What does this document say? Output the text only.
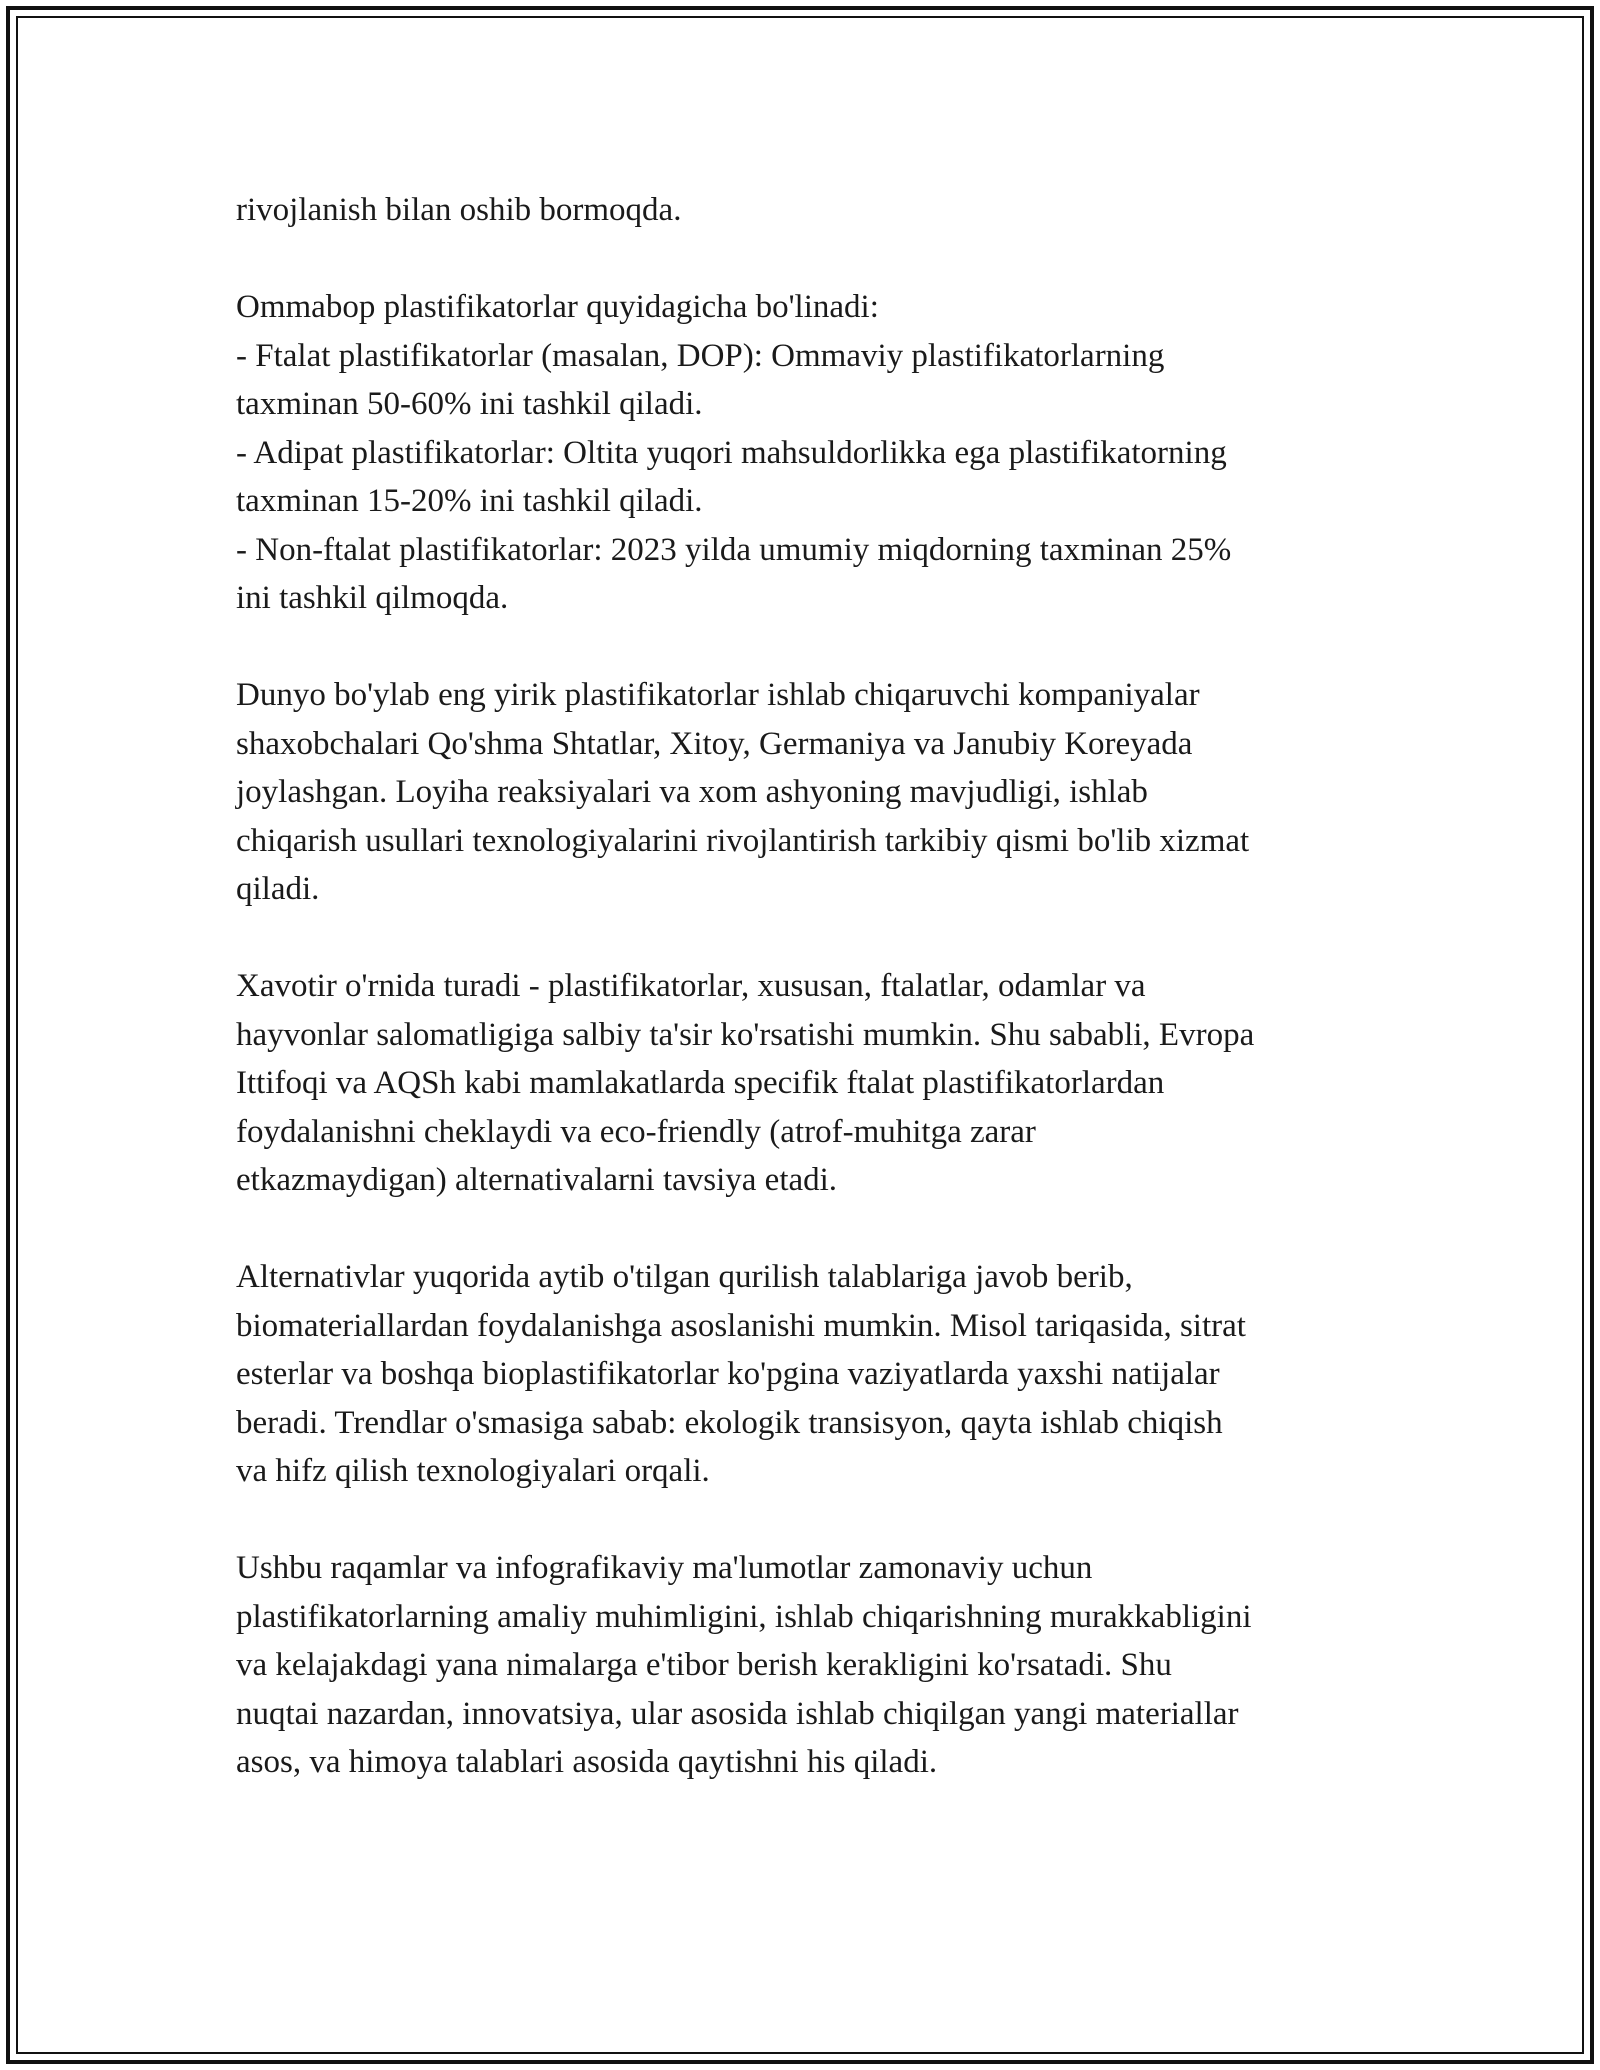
rivojlanish bilan oshib bormoqda.

Ommabop plastifikatorlar quyidagicha bo'linadi:
- Ftalat plastifikatorlar (masalan, DOP): Ommaviy plastifikatorlarning
taxminan 50-60% ini tashkil qiladi.
- Adipat plastifikatorlar: Oltita yuqori mahsuldorlikka ega plastifikatorning
taxminan 15-20% ini tashkil qiladi.
- Non-ftalat plastifikatorlar: 2023 yilda umumiy miqdorning taxminan 25%
ini tashkil qilmoqda.

Dunyo bo'ylab eng yirik plastifikatorlar ishlab chiqaruvchi kompaniyalar
shaxobchalari Qo'shma Shtatlar, Xitoy, Germaniya va Janubiy Koreyada
joylashgan. Loyiha reaksiyalari va xom ashyoning mavjudligi, ishlab
chiqarish usullari texnologiyalarini rivojlantirish tarkibiy qismi bo'lib xizmat
qiladi.

Xavotir o'rnida turadi - plastifikatorlar, xususan, ftalatlar, odamlar va
hayvonlar salomatligiga salbiy ta'sir ko'rsatishi mumkin. Shu sababli, Evropa
Ittifoqi va AQSh kabi mamlakatlarda specifik ftalat plastifikatorlardan
foydalanishni cheklaydi va eco-friendly (atrof-muhitga zarar
etkazmaydigan) alternativalarni tavsiya etadi.

Alternativlar yuqorida aytib o'tilgan qurilish talablariga javob berib,
biomateriallardan foydalanishga asoslanishi mumkin. Misol tariqasida, sitrat
esterlar va boshqa bioplastifikatorlar ko'pgina vaziyatlarda yaxshi natijalar
beradi. Trendlar o'smasiga sabab: ekologik transisyon, qayta ishlab chiqish
va hifz qilish texnologiyalari orqali.

Ushbu raqamlar va infografikaviy ma'lumotlar zamonaviy uchun
plastifikatorlarning amaliy muhimligini, ishlab chiqarishning murakkabligini
va kelajakdagi yana nimalarga e'tibor berish kerakligini ko'rsatadi. Shu
nuqtai nazardan, innovatsiya, ular asosida ishlab chiqilgan yangi materiallar
asos, va himoya talablari asosida qaytishni his qiladi.
